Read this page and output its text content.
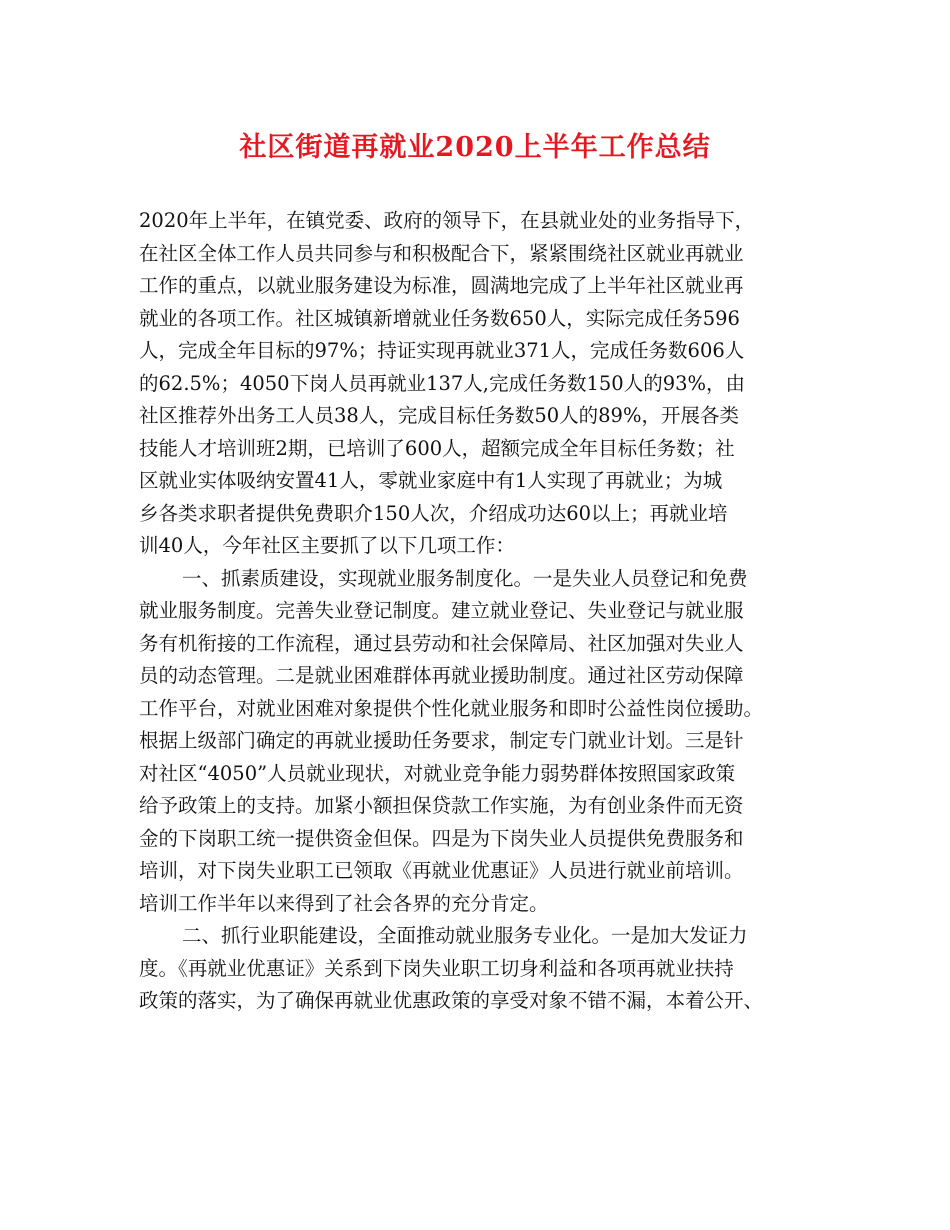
社区街道再就业2020上半年工作总结
2020年上半年，在镇党委、政府的领导下，在县就业处的业务指导下，
在社区全体工作人员共同参与和积极配合下，紧紧围绕社区就业再就业
工作的重点，以就业服务建设为标准，圆满地完成了上半年社区就业再
就业的各项工作。社区城镇新增就业任务数650人，实际完成任务596
人，完成全年目标的97%；持证实现再就业371人，完成任务数606人
的62.5%；4050下岗人员再就业137人,完成任务数150人的93%，由
社区推荐外出务工人员38人，完成目标任务数50人的89%，开展各类
技能人才培训班2期，已培训了600人，超额完成全年目标任务数；社
区就业实体吸纳安置41人，零就业家庭中有1人实现了再就业；为城
乡各类求职者提供免费职介150人次，介绍成功达60以上；再就业培
训40人，今年社区主要抓了以下几项工作：
一、抓素质建设，实现就业服务制度化。一是失业人员登记和免费
就业服务制度。完善失业登记制度。建立就业登记、失业登记与就业服
务有机衔接的工作流程，通过县劳动和社会保障局、社区加强对失业人
员的动态管理。二是就业困难群体再就业援助制度。通过社区劳动保障
工作平台，对就业困难对象提供个性化就业服务和即时公益性岗位援助。
根据上级部门确定的再就业援助任务要求，制定专门就业计划。三是针
对社区“4050”人员就业现状，对就业竞争能力弱势群体按照国家政策
给予政策上的支持。加紧小额担保贷款工作实施，为有创业条件而无资
金的下岗职工统一提供资金但保。四是为下岗失业人员提供免费服务和
培训，对下岗失业职工已领取《再就业优惠证》人员进行就业前培训。
培训工作半年以来得到了社会各界的充分肯定。
二、抓行业职能建设，全面推动就业服务专业化。一是加大发证力
度。《再就业优惠证》关系到下岗失业职工切身利益和各项再就业扶持
政策的落实，为了确保再就业优惠政策的享受对象不错不漏，本着公开、
